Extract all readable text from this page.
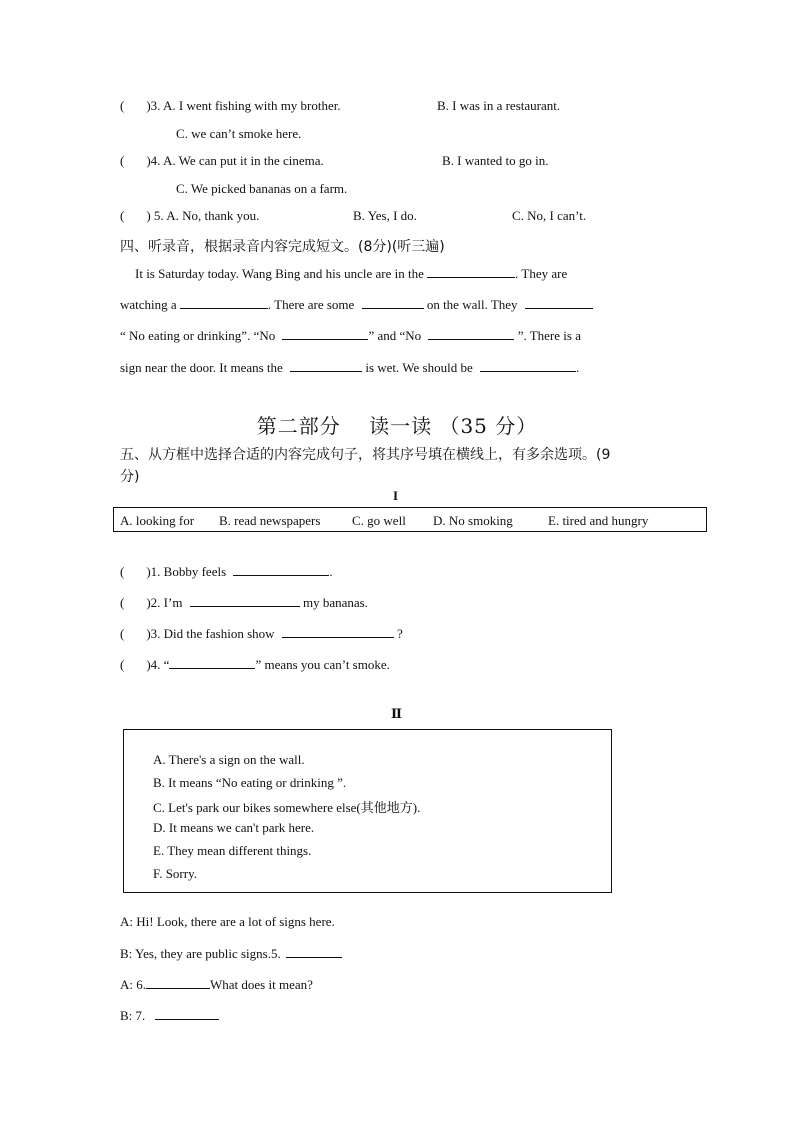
( )3. A. I went fishing with my brother.	B. I was in a restaurant.
C. we can’t smoke here.
( )4. A. We can put it in the cinema.	B. I wanted to go in.
C. We picked bananas on a farm.
( ) 5. A. No, thank you.	B. Yes, I do.	C. No, I can’t.
四、听录音，根据录音内容完成短文。(8分)(听三遍)
It is Saturday today. Wang Bing and his uncle are in the	. They are
watching a	. There are some	on the wall. They
“ No eating or drinking”. “No	” and “No	”. There is a
sign near the door. It means the	is wet. We should be	.
第二部分　 读一读 （35 分）
五、从方框中选择合适的内容完成句子，将其序号填在横线上，有多余选项。(9
分)
I
A. looking for B. read newspapers C. go well D. No smoking	E. tired and hungry
( )1. Bobby feels	.
( )2. I’m	my bananas.
( )3. Did the fashion show	?
( )4. “	” means you can’t smoke.
Ⅱ
A. There's a sign on the wall.
B. It means “No eating or drinking ”.
C. Let's park our bikes somewhere else(其他地方).
D. It means we can't park here.
E. They mean different things.
F. Sorry.
A: Hi! Look, there are a lot of signs here.
B: Yes, they are public signs.5.
A: 6.	What does it mean?
B: 7.
